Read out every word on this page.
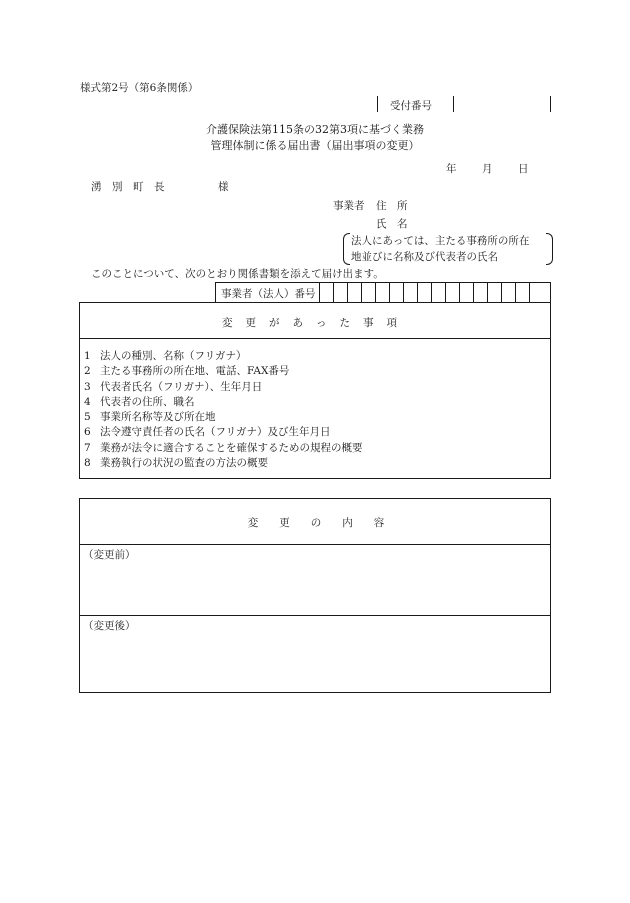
様式第2号（第6条関係）
受付番号
介護保険法第115条の32第3項に基づく業務
管理体制に係る届出書（届出事項の変更）
年 月 日
湧　別　町　長	様
事業者 住　所
氏　名
法人にあっては、主たる事務所の所在
地並びに名称及び代表者の氏名
このことについて、次のとおり関係書類を添えて届け出ます。
事業者（法人）番号
変更があった事項
1 法人の種別、名称（フリガナ）
2 主たる事務所の所在地、電話、FAX番号
3 代表者氏名（フリガナ）、生年月日
4 代表者の住所、職名
5 事業所名称等及び所在地
6 法令遵守責任者の氏名（フリガナ）及び生年月日
7 業務が法令に適合することを確保するための規程の概要
8 業務執行の状況の監査の方法の概要
変　　更　　の　　内　　容
（変更前）
（変更後）
